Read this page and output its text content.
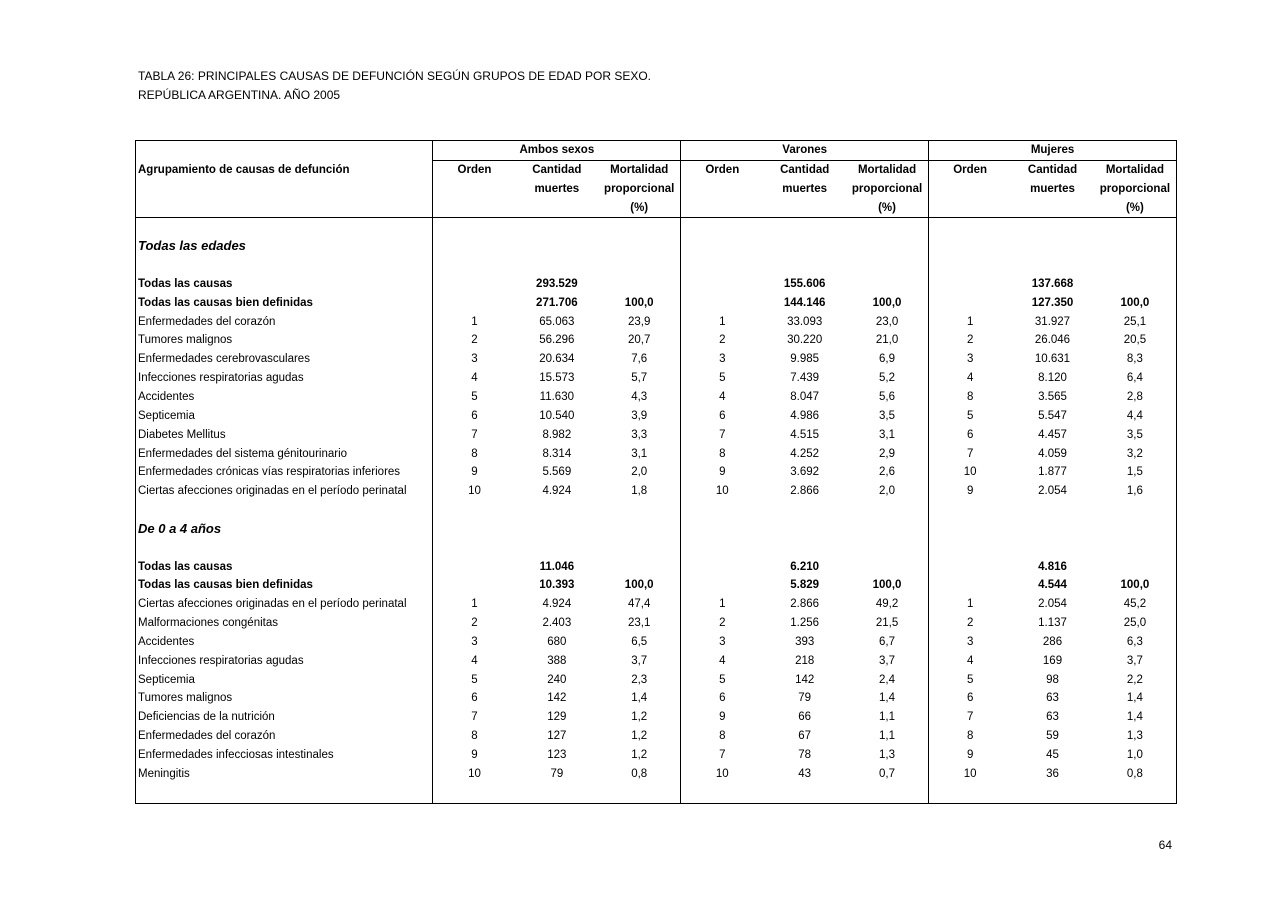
TABLA 26: PRINCIPALES CAUSAS DE DEFUNCIÓN SEGÚN GRUPOS DE EDAD POR SEXO.
REPÚBLICA ARGENTINA. AÑO 2005
	Ambos sexos			Varones			Mujeres		
Agrupamiento de causas de defunción	Orden	Cantidad	Mortalidad	Orden	Cantidad	Mortalidad	Orden	Cantidad	Mortalidad
		muertes	proporcional		muertes	proporcional		muertes	proporcional
			(%)			(%)			(%)

Todas las edades									

Todas las causas		293.529			155.606			137.668	
Todas las causas bien definidas		271.706	100,0		144.146	100,0		127.350	100,0
Enfermedades del corazón	1	65.063	23,9	1	33.093	23,0	1	31.927	25,1
Tumores malignos	2	56.296	20,7	2	30.220	21,0	2	26.046	20,5
Enfermedades cerebrovasculares	3	20.634	7,6	3	9.985	6,9	3	10.631	8,3
Infecciones respiratorias agudas	4	15.573	5,7	5	7.439	5,2	4	8.120	6,4
Accidentes	5	11.630	4,3	4	8.047	5,6	8	3.565	2,8
Septicemia	6	10.540	3,9	6	4.986	3,5	5	5.547	4,4
Diabetes Mellitus	7	8.982	3,3	7	4.515	3,1	6	4.457	3,5
Enfermedades del sistema génitourinario	8	8.314	3,1	8	4.252	2,9	7	4.059	3,2
Enfermedades crónicas vías respiratorias inferiores	9	5.569	2,0	9	3.692	2,6	10	1.877	1,5
Ciertas afecciones originadas en el período perinatal	10	4.924	1,8	10	2.866	2,0	9	2.054	1,6

De 0 a 4 años									

Todas las causas		11.046			6.210			4.816	
Todas las causas bien definidas		10.393	100,0		5.829	100,0		4.544	100,0
Ciertas afecciones originadas en el período perinatal	1	4.924	47,4	1	2.866	49,2	1	2.054	45,2
Malformaciones congénitas	2	2.403	23,1	2	1.256	21,5	2	1.137	25,0
Accidentes	3	680	6,5	3	393	6,7	3	286	6,3
Infecciones respiratorias agudas	4	388	3,7	4	218	3,7	4	169	3,7
Septicemia	5	240	2,3	5	142	2,4	5	98	2,2
Tumores malignos	6	142	1,4	6	79	1,4	6	63	1,4
Deficiencias de la nutrición	7	129	1,2	9	66	1,1	7	63	1,4
Enfermedades del corazón	8	127	1,2	8	67	1,1	8	59	1,3
Enfermedades infecciosas intestinales	9	123	1,2	7	78	1,3	9	45	1,0
Meningitis	10	79	0,8	10	43	0,7	10	36	0,8

64
